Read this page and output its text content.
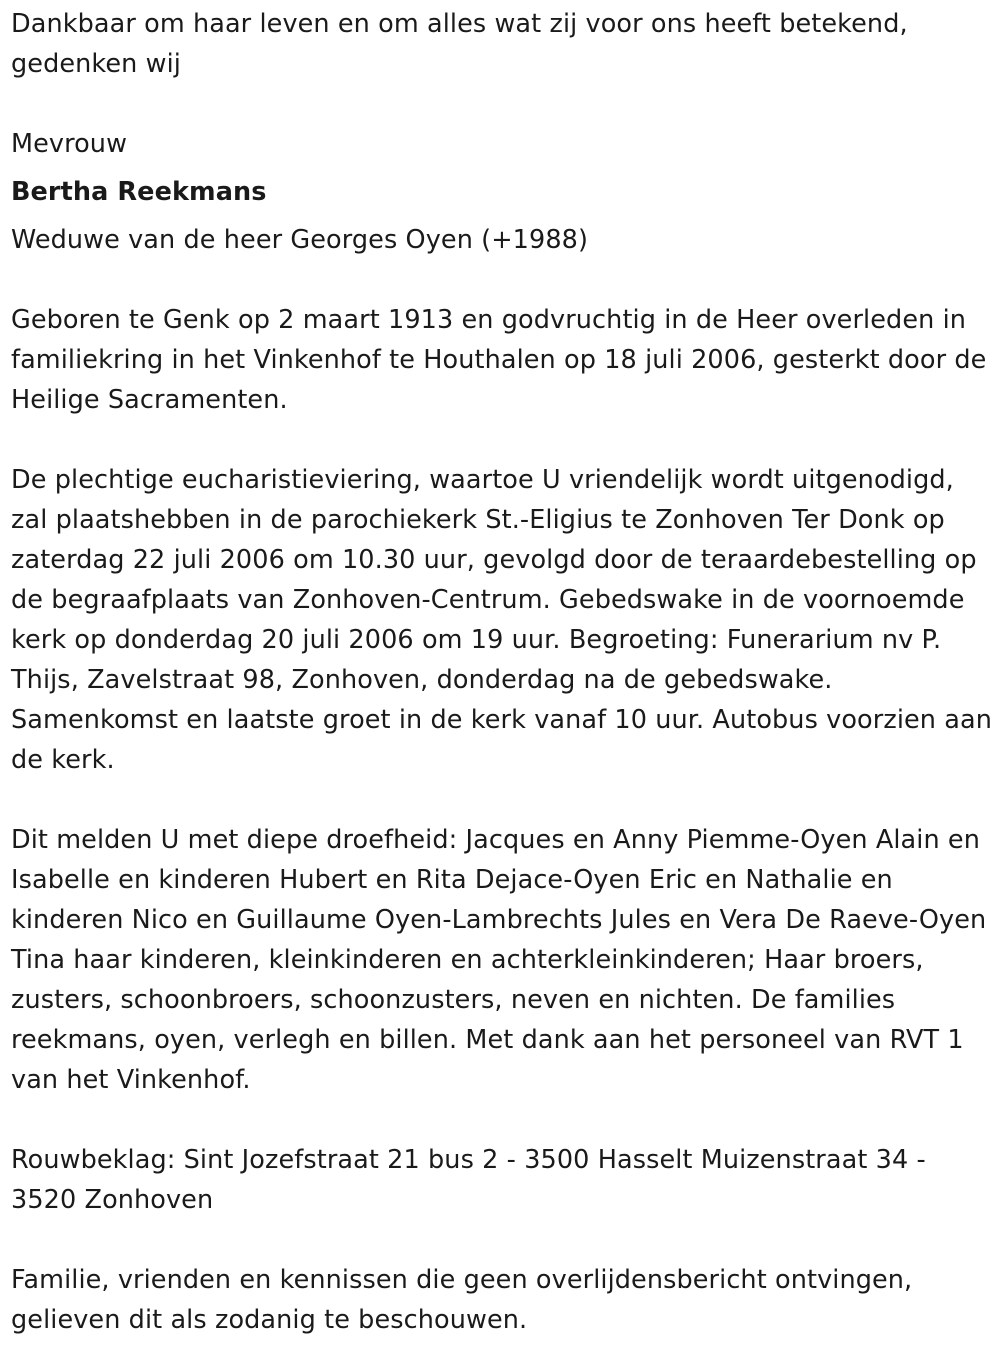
Dankbaar om haar leven en om alles wat zij voor ons heeft betekend, gedenken wij

Mevrouw

Bertha Reekmans

Weduwe van de heer Georges Oyen (+1988)

Geboren te Genk op 2 maart 1913 en godvruchtig in de Heer overleden in familiekring in het Vinkenhof te Houthalen op 18 juli 2006, gesterkt door de Heilige Sacramenten.

De plechtige eucharistieviering, waartoe U vriendelijk wordt uitgenodigd, zal plaatshebben in de parochiekerk St.-Eligius te Zonhoven Ter Donk op zaterdag 22 juli 2006 om 10.30 uur, gevolgd door de teraardebestelling op de begraafplaats van Zonhoven-Centrum. Gebedswake in de voornoemde kerk op donderdag 20 juli 2006 om 19 uur. Begroeting: Funerarium nv P. Thijs, Zavelstraat 98, Zonhoven, donderdag na de gebedswake. Samenkomst en laatste groet in de kerk vanaf 10 uur. Autobus voorzien aan de kerk.

Dit melden U met diepe droefheid: Jacques en Anny Piemme-Oyen Alain en Isabelle en kinderen Hubert en Rita Dejace-Oyen Eric en Nathalie en kinderen Nico en Guillaume Oyen-Lambrechts Jules en Vera De Raeve-Oyen Tina haar kinderen, kleinkinderen en achterkleinkinderen; Haar broers, zusters, schoonbroers, schoonzusters, neven en nichten. De families reekmans, oyen, verlegh en billen. Met dank aan het personeel van RVT 1 van het Vinkenhof.

Rouwbeklag: Sint Jozefstraat 21 bus 2 - 3500 Hasselt Muizenstraat 34 - 3520 Zonhoven

Familie, vrienden en kennissen die geen overlijdensbericht ontvingen, gelieven dit als zodanig te beschouwen.
